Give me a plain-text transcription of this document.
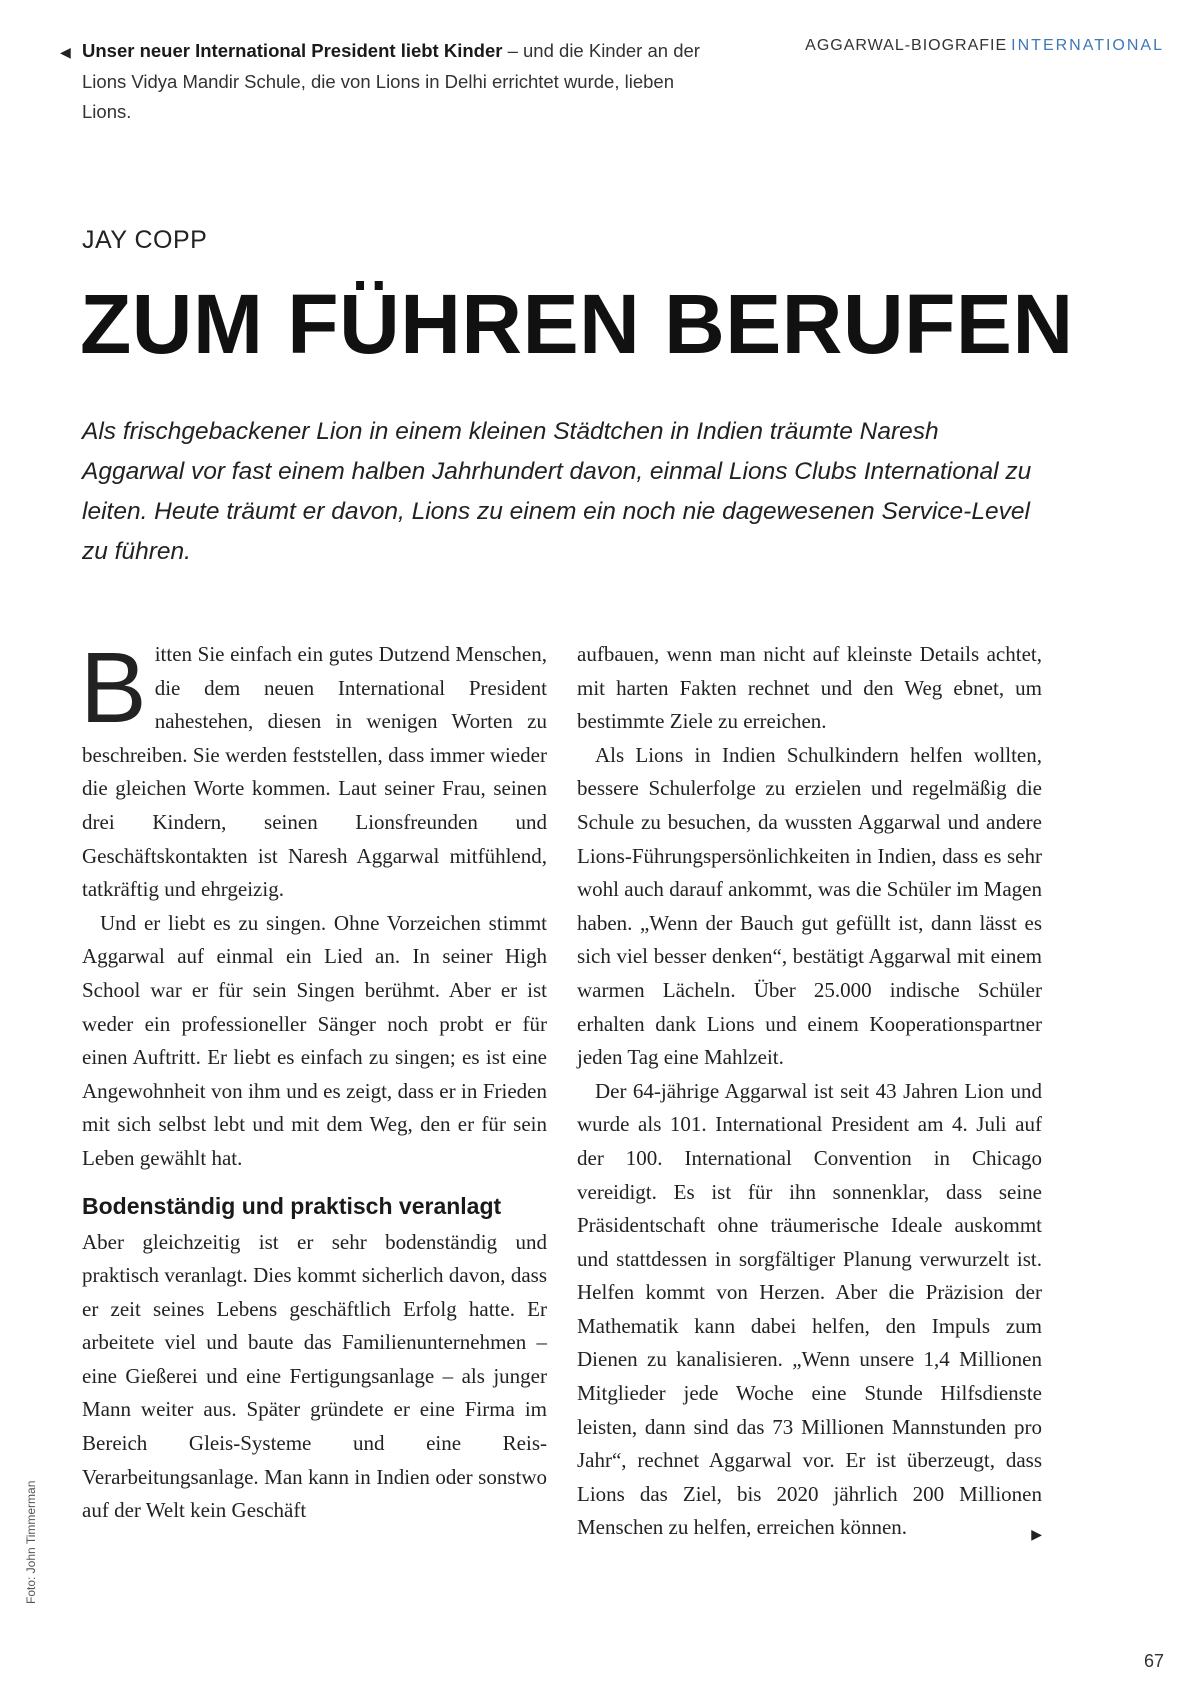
◀ Unser neuer International President liebt Kinder – und die Kinder an der
Lions Vidya Mandir Schule, die von Lions in Delhi errichtet wurde, lieben Lions.
AGGARWAL-BIOGRAFIE INTERNATIONAL
JAY COPP
ZUM FÜHREN BERUFEN

Als frischgebackener Lion in einem kleinen Städtchen in Indien träumte Naresh Aggarwal vor fast einem halben Jahrhundert davon, einmal Lions Clubs International zu leiten. Heute träumt er davon, Lions zu einem ein noch nie dagewesenen Service-Level zu führen.

Bitten Sie einfach ein gutes Dutzend Menschen, die dem neuen International President nahestehen, diesen in wenigen Worten zu beschreiben. Sie werden feststellen, dass immer wieder die gleichen Worte kommen. Laut seiner Frau, seinen drei Kindern, seinen Lionsfreunden und Geschäftskontakten ist Naresh Aggarwal mitfühlend, tatkräftig und ehrgeizig.

Und er liebt es zu singen. Ohne Vorzeichen stimmt Aggarwal auf einmal ein Lied an. In seiner High School war er für sein Singen berühmt. Aber er ist weder ein professioneller Sänger noch probt er für einen Auftritt. Er liebt es einfach zu singen; es ist eine Angewohnheit von ihm und es zeigt, dass er in Frieden mit sich selbst lebt und mit dem Weg, den er für sein Leben gewählt hat.

Bodenständig und praktisch veranlagt

Aber gleichzeitig ist er sehr bodenständig und praktisch veranlagt. Dies kommt sicherlich davon, dass er zeit seines Lebens geschäftlich Erfolg hatte. Er arbeitete viel und baute das Familienunternehmen – eine Gießerei und eine Fertigungsanlage – als junger Mann weiter aus. Später gründete er eine Firma im Bereich Gleis-Systeme und eine Reis-Verarbeitungsanlage. Man kann in Indien oder sonstwo auf der Welt kein Geschäft

aufbauen, wenn man nicht auf kleinste Details achtet, mit harten Fakten rechnet und den Weg ebnet, um bestimmte Ziele zu erreichen.

Als Lions in Indien Schulkindern helfen wollten, bessere Schulerfolge zu erzielen und regelmäßig die Schule zu besuchen, da wussten Aggarwal und andere Lions-Führungspersönlichkeiten in Indien, dass es sehr wohl auch darauf ankommt, was die Schüler im Magen haben. „Wenn der Bauch gut gefüllt ist, dann lässt es sich viel besser denken“, bestätigt Aggarwal mit einem warmen Lächeln. Über 25.000 indische Schüler erhalten dank Lions und einem Kooperationspartner jeden Tag eine Mahlzeit.

Der 64-jährige Aggarwal ist seit 43 Jahren Lion und wurde als 101. International President am 4. Juli auf der 100. International Convention in Chicago vereidigt. Es ist für ihn sonnenklar, dass seine Präsidentschaft ohne träumerische Ideale auskommt und stattdessen in sorgfältiger Planung verwurzelt ist. Helfen kommt von Herzen. Aber die Präzision der Mathematik kann dabei helfen, den Impuls zum Dienen zu kanalisieren. „Wenn unsere 1,4 Millionen Mitglieder jede Woche eine Stunde Hilfsdienste leisten, dann sind das 73 Millionen Mannstunden pro Jahr“, rechnet Aggarwal vor. Er ist überzeugt, dass Lions das Ziel, bis 2020 jährlich 200 Millionen Menschen zu helfen, erreichen können.	▶

Foto: John Timmerman
67
